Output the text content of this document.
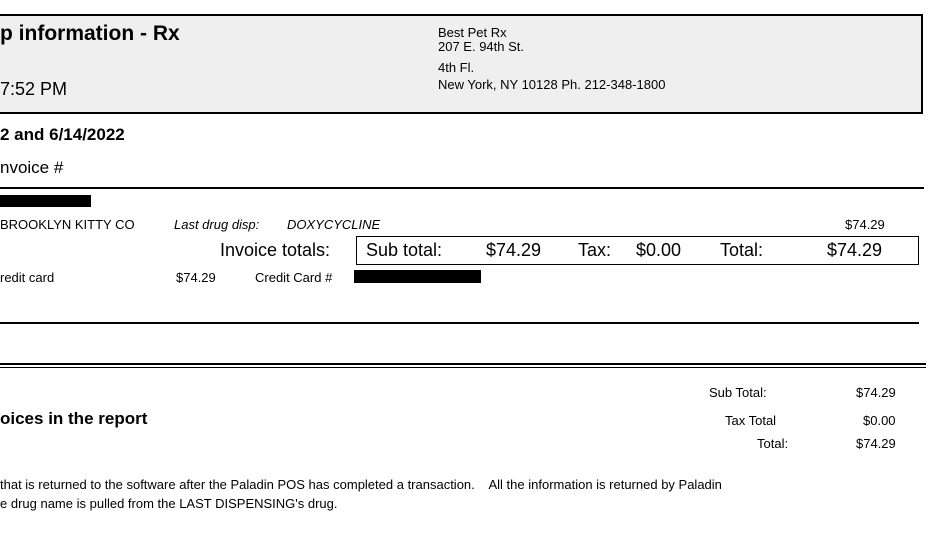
p information - Rx
7:52 PM
Best Pet Rx
207 E. 94th St.
4th Fl.
New York, NY 10128 Ph. 212-348-1800
2 and 6/14/2022
nvoice #
BROOKLYN KITTY CO	Last drug disp: DOXYCYCLINE	$74.29
Invoice totals: Sub total: $74.29 Tax: $0.00 Total:	$74.29
redit card	$74.29	Credit Card #
oices in the report
Sub Total:	$74.29
Tax Total	$0.00
Total:	$74.29
that is returned to the software after the Paladin POS has completed a transaction.    All the information is returned by Paladin
e drug name is pulled from the LAST DISPENSING's drug.
